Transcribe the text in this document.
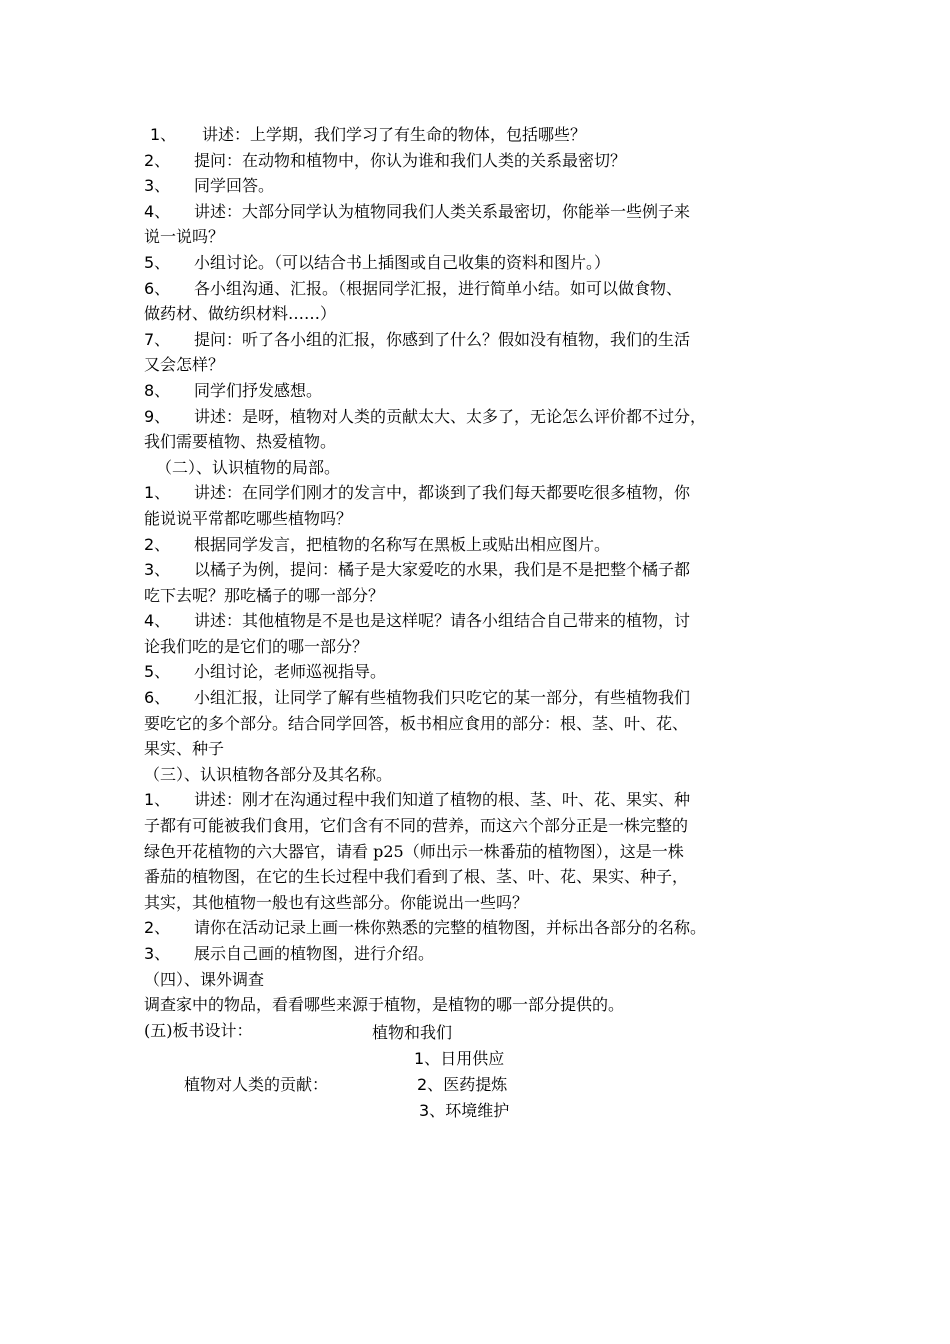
1、	讲述：上学期，我们学习了有生命的物体，包括哪些？
2、	提问：在动物和植物中，你认为谁和我们人类的关系最密切？
3、	同学回答。
4、	讲述：大部分同学认为植物同我们人类关系最密切，你能举一些例子来
说一说吗？
5、	小组讨论。（可以结合书上插图或自己收集的资料和图片。）
6、	各小组沟通、汇报。（根据同学汇报，进行简单小结。如可以做食物、
做药材、做纺织材料……）
7、	提问：听了各小组的汇报，你感到了什么？假如没有植物，我们的生活
又会怎样？
8、	同学们抒发感想。
9、	讲述：是呀，植物对人类的贡献太大、太多了，无论怎么评价都不过分，
我们需要植物、热爱植物。
（二）、认识植物的局部。
1、	讲述：在同学们刚才的发言中，都谈到了我们每天都要吃很多植物，你
能说说平常都吃哪些植物吗？
2、	根据同学发言，把植物的名称写在黑板上或贴出相应图片。
3、	以橘子为例，提问：橘子是大家爱吃的水果，我们是不是把整个橘子都
吃下去呢？那吃橘子的哪一部分？
4、	讲述：其他植物是不是也是这样呢？请各小组结合自己带来的植物，讨
论我们吃的是它们的哪一部分？
5、	小组讨论，老师巡视指导。
6、	小组汇报，让同学了解有些植物我们只吃它的某一部分，有些植物我们
要吃它的多个部分。结合同学回答，板书相应食用的部分：根、茎、叶、花、
果实、种子
（三）、认识植物各部分及其名称。
1、	讲述：刚才在沟通过程中我们知道了植物的根、茎、叶、花、果实、种
子都有可能被我们食用，它们含有不同的营养，而这六个部分正是一株完整的
绿色开花植物的六大器官，请看 p25（师出示一株番茄的植物图），这是一株
番茄的植物图，在它的生长过程中我们看到了根、茎、叶、花、果实、种子，
其实，其他植物一般也有这些部分。你能说出一些吗？
2、	请你在活动记录上画一株你熟悉的完整的植物图，并标出各部分的名称。
3、	展示自己画的植物图，进行介绍。
（四）、课外调查
调查家中的物品，看看哪些来源于植物，是植物的哪一部分提供的。
(五)板书设计：	植物和我们
植物对人类的贡献：
1、日用供应
2、医药提炼
3、环境维护
